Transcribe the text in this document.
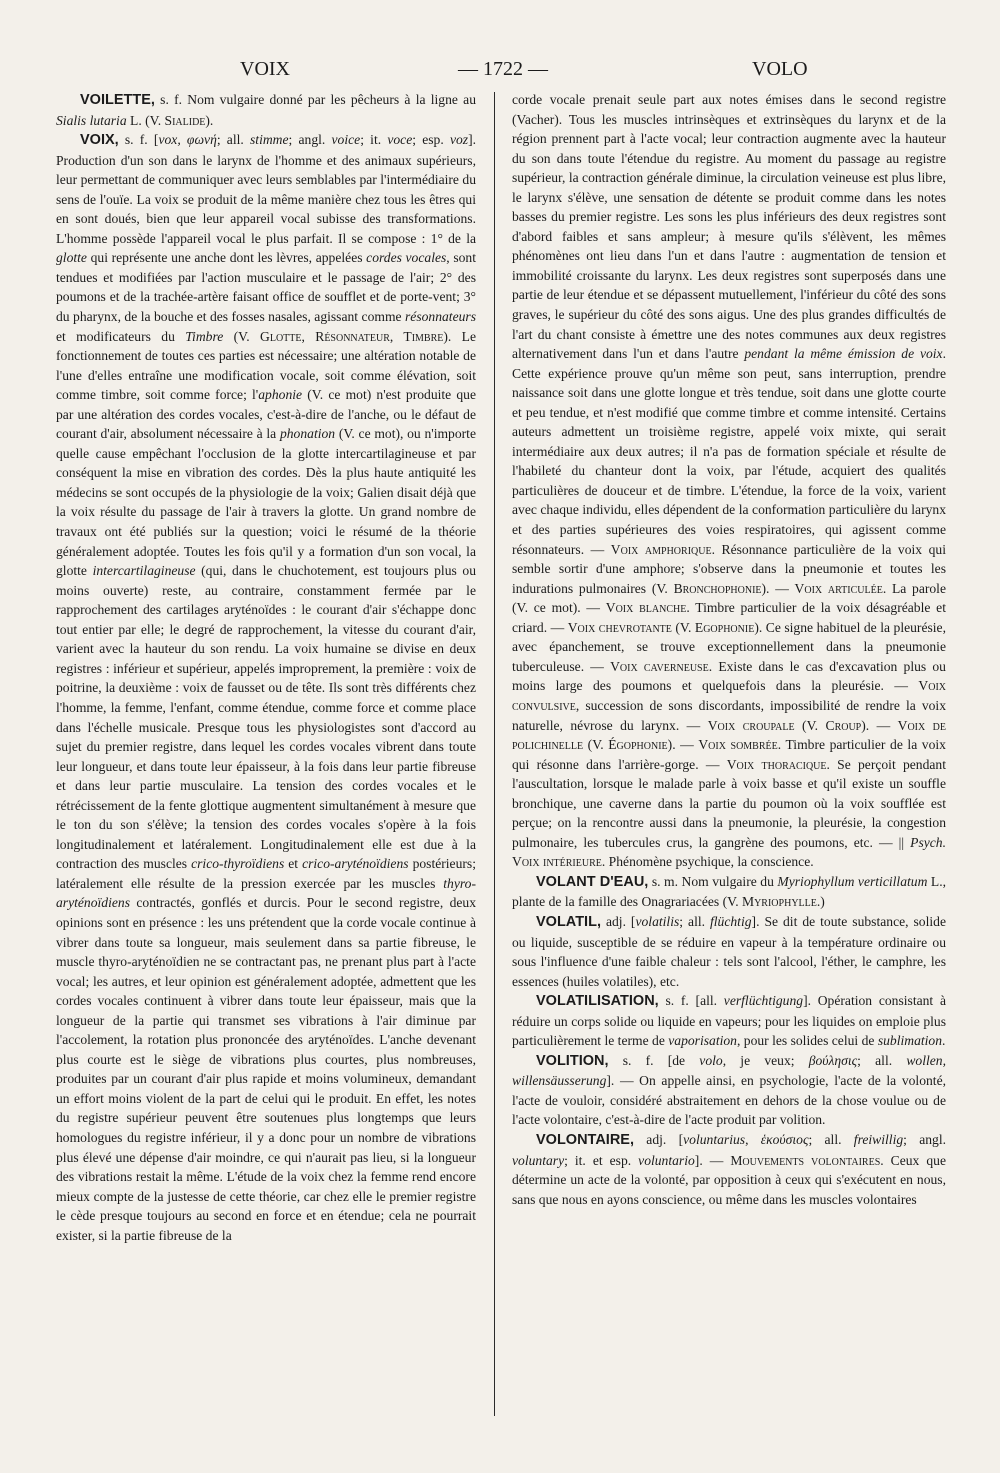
VOIX	— 1722 —	VOLO

VOILETTE, s. f. Nom vulgaire donné par les pêcheurs à la ligne au Sialis lutaria L. (V. Sialide).

VOIX, s. f. [vox, φωνή; all. stimme; angl. voice; it. voce; esp. voz]. Production d'un son dans le larynx de l'homme et des animaux supérieurs, leur permettant de communiquer avec leurs semblables par l'intermédiaire du sens de l'ouïe. La voix se produit de la même manière chez tous les êtres qui en sont doués, bien que leur appareil vocal subisse des transformations. L'homme possède l'appareil vocal le plus parfait. Il se compose : 1° de la glotte qui représente une anche dont les lèvres, appelées cordes vocales, sont tendues et modifiées par l'action musculaire et le passage de l'air; 2° des poumons et de la trachée-artère faisant office de soufflet et de porte-vent; 3° du pharynx, de la bouche et des fosses nasales, agissant comme résonnateurs et modificateurs du Timbre (V. Glotte, Résonnateur, Timbre). Le fonctionnement de toutes ces parties est nécessaire; une altération notable de l'une d'elles entraîne une modification vocale, soit comme élévation, soit comme timbre, soit comme force; l'aphonie (V. ce mot) n'est produite que par une altération des cordes vocales, c'est-à-dire de l'anche, ou le défaut de courant d'air, absolument nécessaire à la phonation (V. ce mot), ou n'importe quelle cause empêchant l'occlusion de la glotte intercartilagineuse et par conséquent la mise en vibration des cordes. Dès la plus haute antiquité les médecins se sont occupés de la physiologie de la voix; Galien disait déjà que la voix résulte du passage de l'air à travers la glotte. Un grand nombre de travaux ont été publiés sur la question; voici le résumé de la théorie généralement adoptée. Toutes les fois qu'il y a formation d'un son vocal, la glotte intercartilagineuse (qui, dans le chuchotement, est toujours plus ou moins ouverte) reste, au contraire, constamment fermée par le rapprochement des cartilages aryténoïdes : le courant d'air s'échappe donc tout entier par elle; le degré de rapprochement, la vitesse du courant d'air, varient avec la hauteur du son rendu. La voix humaine se divise en deux registres : inférieur et supérieur, appelés improprement, la première : voix de poitrine, la deuxième : voix de fausset ou de tête. Ils sont très différents chez l'homme, la femme, l'enfant, comme étendue, comme force et comme place dans l'échelle musicale. Presque tous les physiologistes sont d'accord au sujet du premier registre, dans lequel les cordes vocales vibrent dans toute leur longueur, et dans toute leur épaisseur, à la fois dans leur partie fibreuse et dans leur partie musculaire. La tension des cordes vocales et le rétrécissement de la fente glottique augmentent simultanément à mesure que le ton du son s'élève; la tension des cordes vocales s'opère à la fois longitudinalement et latéralement. Longitudinalement elle est due à la contraction des muscles crico-thyroïdiens et crico-aryténoïdiens postérieurs; latéralement elle résulte de la pression exercée par les muscles thyro-aryténoïdiens contractés, gonflés et durcis. Pour le second registre, deux opinions sont en présence : les uns prétendent que la corde vocale continue à vibrer dans toute sa longueur, mais seulement dans sa partie fibreuse, le muscle thyro-aryténoïdien ne se contractant pas, ne prenant plus part à l'acte vocal; les autres, et leur opinion est généralement adoptée, admettent que les cordes vocales continuent à vibrer dans toute leur épaisseur, mais que la longueur de la partie qui transmet ses vibrations à l'air diminue par l'accolement, la rotation plus prononcée des aryténoïdes. L'anche devenant plus courte est le siège de vibrations plus courtes, plus nombreuses, produites par un courant d'air plus rapide et moins volumineux, demandant un effort moins violent de la part de celui qui le produit. En effet, les notes du registre supérieur peuvent être soutenues plus longtemps que leurs homologues du registre inférieur, il y a donc pour un nombre de vibrations plus élevé une dépense d'air moindre, ce qui n'aurait pas lieu, si la longueur des vibrations restait la même. L'étude de la voix chez la femme rend encore mieux compte de la justesse de cette théorie, car chez elle le premier registre le cède presque toujours au second en force et en étendue; cela ne pourrait exister, si la partie fibreuse de la

corde vocale prenait seule part aux notes émises dans le second registre (Vacher). Tous les muscles intrinsèques et extrinsèques du larynx et de la région prennent part à l'acte vocal; leur contraction augmente avec la hauteur du son dans toute l'étendue du registre. Au moment du passage au registre supérieur, la contraction générale diminue, la circulation veineuse est plus libre, le larynx s'élève, une sensation de détente se produit comme dans les notes basses du premier registre. Les sons les plus inférieurs des deux registres sont d'abord faibles et sans ampleur; à mesure qu'ils s'élèvent, les mêmes phénomènes ont lieu dans l'un et dans l'autre : augmentation de tension et immobilité croissante du larynx. Les deux registres sont superposés dans une partie de leur étendue et se dépassent mutuellement, l'inférieur du côté des sons graves, le supérieur du côté des sons aigus. Une des plus grandes difficultés de l'art du chant consiste à émettre une des notes communes aux deux registres alternativement dans l'un et dans l'autre pendant la même émission de voix. Cette expérience prouve qu'un même son peut, sans interruption, prendre naissance soit dans une glotte longue et très tendue, soit dans une glotte courte et peu tendue, et n'est modifié que comme timbre et comme intensité. Certains auteurs admettent un troisième registre, appelé voix mixte, qui serait intermédiaire aux deux autres; il n'a pas de formation spéciale et résulte de l'habileté du chanteur dont la voix, par l'étude, acquiert des qualités particulières de douceur et de timbre. L'étendue, la force de la voix, varient avec chaque individu, elles dépendent de la conformation particulière du larynx et des parties supérieures des voies respiratoires, qui agissent comme résonnateurs. — Voix amphorique. Résonnance particulière de la voix qui semble sortir d'une amphore; s'observe dans la pneumonie et toutes les indurations pulmonaires (V. Bronchophonie). — Voix articulée. La parole (V. ce mot). — Voix blanche. Timbre particulier de la voix désagréable et criard. — Voix chevrotante (V. Egophonie). Ce signe habituel de la pleurésie, avec épanchement, se trouve exceptionnellement dans la pneumonie tuberculeuse. — Voix caverneuse. Existe dans le cas d'excavation plus ou moins large des poumons et quelquefois dans la pleurésie. — Voix convulsive, succession de sons discordants, impossibilité de rendre la voix naturelle, névrose du larynx. — Voix croupale (V. Croup). — Voix de polichinelle (V. Égophonie). — Voix sombrée. Timbre particulier de la voix qui résonne dans l'arrière-gorge. — Voix thoracique. Se perçoit pendant l'auscultation, lorsque le malade parle à voix basse et qu'il existe un souffle bronchique, une caverne dans la partie du poumon où la voix soufflée est perçue; on la rencontre aussi dans la pneumonie, la pleurésie, la congestion pulmonaire, les tubercules crus, la gangrène des poumons, etc. — || Psych. Voix intérieure. Phénomène psychique, la conscience.

VOLANT D'EAU, s. m. Nom vulgaire du Myriophyllum verticillatum L., plante de la famille des Onagrariacées (V. Myriophylle.)

VOLATIL, adj. [volatilis; all. flüchtig]. Se dit de toute substance, solide ou liquide, susceptible de se réduire en vapeur à la température ordinaire ou sous l'influence d'une faible chaleur : tels sont l'alcool, l'éther, le camphre, les essences (huiles volatiles), etc.

VOLATILISATION, s. f. [all. verflüchtigung]. Opération consistant à réduire un corps solide ou liquide en vapeurs; pour les liquides on emploie plus particulièrement le terme de vaporisation, pour les solides celui de sublimation.

VOLITION, s. f. [de volo, je veux; βούλησις; all. wollen, willensäusserung]. — On appelle ainsi, en psychologie, l'acte de la volonté, l'acte de vouloir, considéré abstraitement en dehors de la chose voulue ou de l'acte volontaire, c'est-à-dire de l'acte produit par volition.

VOLONTAIRE, adj. [voluntarius, ἑκούσιος; all. freiwillig; angl. voluntary; it. et esp. voluntario]. — Mouvements volontaires. Ceux que détermine un acte de la volonté, par opposition à ceux qui s'exécutent en nous, sans que nous en ayons conscience, ou même dans les muscles volontaires
